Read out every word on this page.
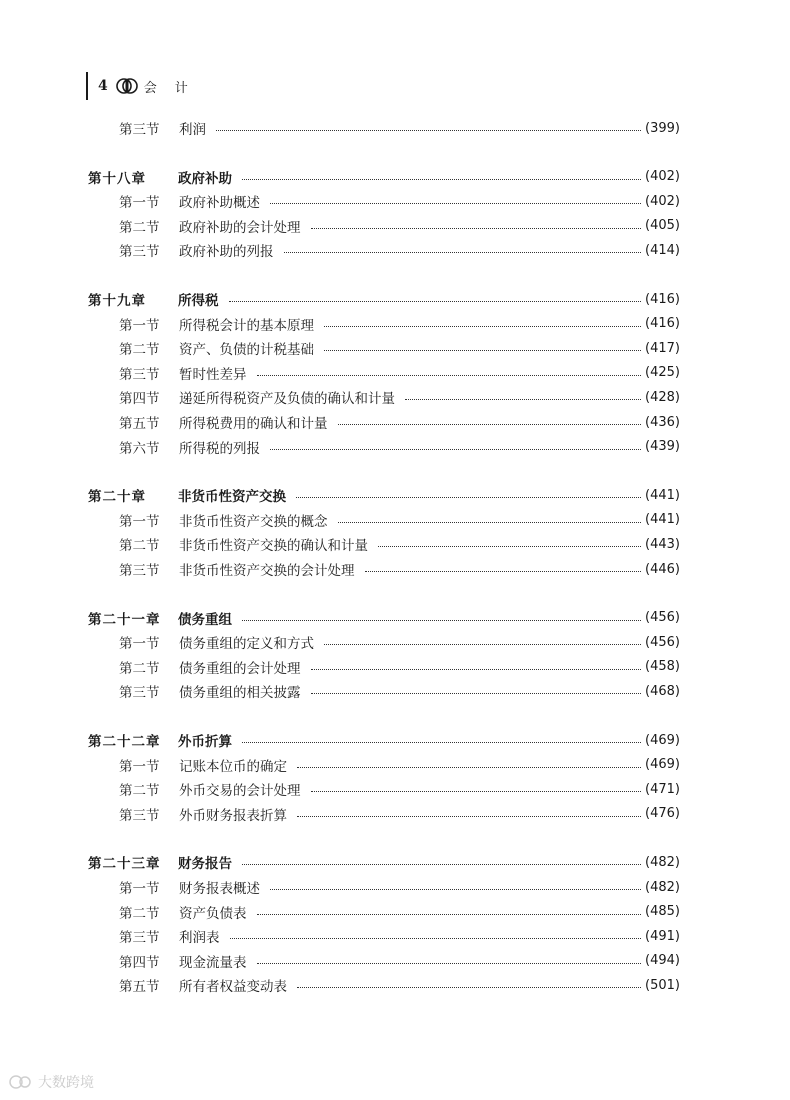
4	会计
第三节	利润	(399)
第十八章	政府补助	(402)
第一节	政府补助概述	(402)
第二节	政府补助的会计处理	(405)
第三节	政府补助的列报	(414)
第十九章	所得税	(416)
第一节	所得税会计的基本原理	(416)
第二节	资产、负债的计税基础	(417)
第三节	暂时性差异	(425)
第四节	递延所得税资产及负债的确认和计量	(428)
第五节	所得税费用的确认和计量	(436)
第六节	所得税的列报	(439)
第二十章	非货币性资产交换	(441)
第一节	非货币性资产交换的概念	(441)
第二节	非货币性资产交换的确认和计量	(443)
第三节	非货币性资产交换的会计处理	(446)
第二十一章	债务重组	(456)
第一节	债务重组的定义和方式	(456)
第二节	债务重组的会计处理	(458)
第三节	债务重组的相关披露	(468)
第二十二章	外币折算	(469)
第一节	记账本位币的确定	(469)
第二节	外币交易的会计处理	(471)
第三节	外币财务报表折算	(476)
第二十三章	财务报告	(482)
第一节	财务报表概述	(482)
第二节	资产负债表	(485)
第三节	利润表	(491)
第四节	现金流量表	(494)
第五节	所有者权益变动表	(501)
大数跨境
